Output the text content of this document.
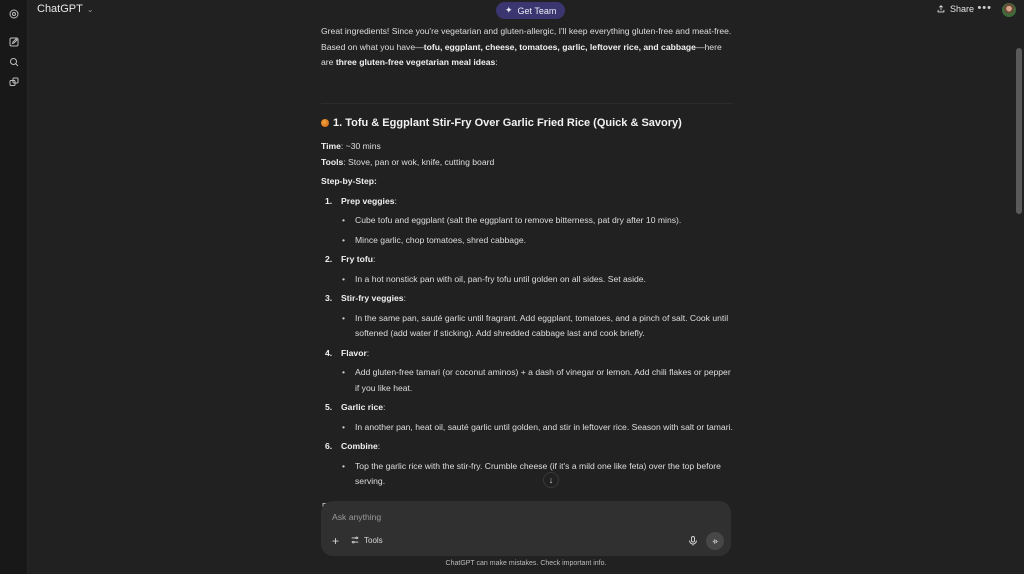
ChatGPT ⌄	✦ Get Team	Share •••

Great ingredients! Since you're vegetarian and gluten-allergic, I'll keep everything gluten-free and meat-free. Based on what you have—tofu, eggplant, cheese, tomatoes, garlic, leftover rice, and cabbage—here are three gluten-free vegetarian meal ideas:

1. Tofu & Eggplant Stir-Fry Over Garlic Fried Rice (Quick & Savory)
Time: ~30 mins
Tools: Stove, pan or wok, knife, cutting board
Step-by-Step:
1.	Prep veggies:
• Cube tofu and eggplant (salt the eggplant to remove bitterness, pat dry after 10 mins).
• Mince garlic, chop tomatoes, shred cabbage.
2.	Fry tofu:
• In a hot nonstick pan with oil, pan-fry tofu until golden on all sides. Set aside.
3.	Stir-fry veggies:
• In the same pan, sauté garlic until fragrant. Add eggplant, tomatoes, and a pinch of salt. Cook until softened (add water if sticking). Add shredded cabbage last and cook briefly.
4.	Flavor:
• Add gluten-free tamari (or coconut aminos) + a dash of vinegar or lemon. Add chili flakes or pepper if you like heat.
5.	Garlic rice:
• In another pan, heat oil, sauté garlic until golden, and stir in leftover rice. Season with salt or tamari.
6.	Combine:
• Top the garlic rice with the stir-fry. Crumble cheese (if it's a mild one like feta) over the top before serving.	↓
Ask anything
+	Tools
ChatGPT can make mistakes. Check important info.
